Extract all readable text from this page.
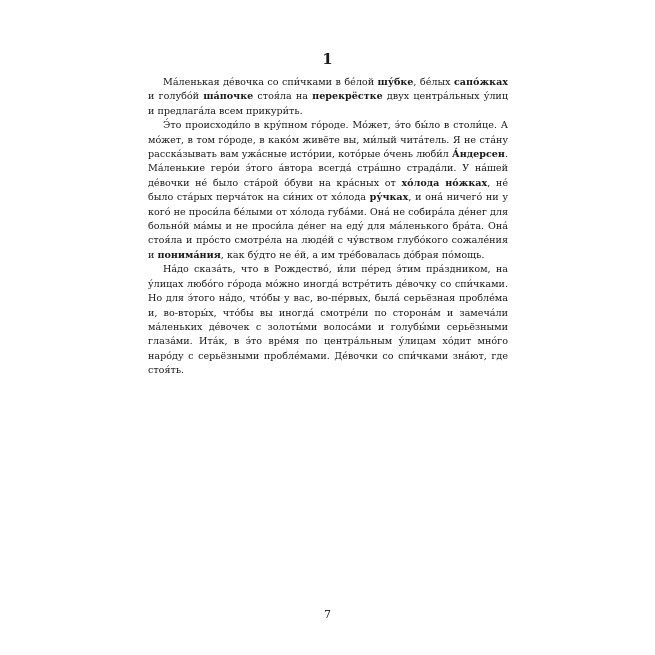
1

Ма́ленькая де́вочка со спи́чками в бе́лой шу́бке, бе́лых сапо́жках и голубо́й ша́почке стоя́ла на перекрёстке двух центра́льных у́лиц и предлага́ла всем прикури́ть.

Э́то происходи́ло в кру́пном го́роде. Мо́жет, э́то бы́ло в столи́це. А мо́жет, в том го́роде, в како́м живёте вы, ми́лый чита́тель. Я не ста́ну расска́зывать вам ужа́сные исто́рии, кото́рые о́чень люби́л А́ндерсен. Ма́ленькие геро́и э́того а́втора всегда́ стра́шно страда́ли. У на́шей де́вочки не́ было ста́рой о́буви на кра́сных от хо́лода но́жках, не́ было ста́рых перча́ток на си́них от хо́лода ру́чках, и она́ ничего́ ни у кого́ не проси́ла бе́лыми от хо́лода губа́ми. Она́ не собира́ла де́нег для больно́й ма́мы и не проси́ла де́нег на еду́ для ма́ленького бра́та. Она́ стоя́ла и про́сто смотре́ла на люде́й с чу́вством глубо́кого сожале́ния и понима́ния, как бу́дто не е́й, а им тре́бовалась до́брая по́мощь.

На́до сказа́ть, что в Рождество́, и́ли пе́ред э́тим пра́здником, на у́лицах любо́го го́рода мо́жно иногда́ встре́тить де́вочку со спи́чками. Но для э́того на́до, что́бы у вас, во-пе́рвых, была́ серьёзная пробле́ма и, во-вторы́х, что́бы вы иногда́ смотре́ли по сторона́м и замеча́ли ма́леньких де́вочек с золоты́ми волоса́ми и голубы́ми серьёзными глаза́ми. Ита́к, в э́то вре́мя по центра́льным у́лицам хо́дит мно́го наро́ду с серьёзными пробле́мами. Де́вочки со спи́чками зна́ют, где стоя́ть.

7
